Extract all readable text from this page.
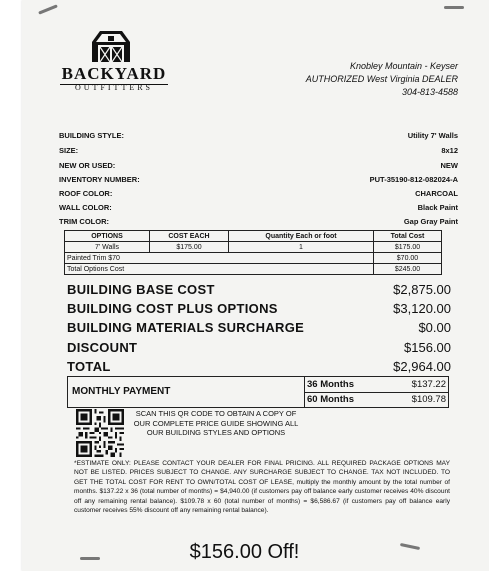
BACKYARD
OUTFITTERS
Knobley Mountain - Keyser
AUTHORIZED West Virginia DEALER
304-813-4588
BUILDING STYLE:	Utility 7' Walls
SIZE:	8x12
NEW OR USED:	NEW
INVENTORY NUMBER:	PUT-35190-812-082024-A
ROOF COLOR:	CHARCOAL
WALL COLOR:	Black Paint
TRIM COLOR:	Gap Gray Paint
OPTIONS	COST EACH	Quantity Each or foot	Total Cost
7' Walls	$175.00	1	$175.00
Painted Trim $70			$70.00
Total Options Cost			$245.00
BUILDING BASE COST	$2,875.00
BUILDING COST PLUS OPTIONS	$3,120.00
BUILDING MATERIALS SURCHARGE	$0.00
DISCOUNT	$156.00
TOTAL	$2,964.00
MONTHLY PAYMENT
36 Months	$137.22
60 Months	$109.78
SCAN THIS QR CODE TO OBTAIN A COPY OF OUR COMPLETE PRICE GUIDE SHOWING ALL OUR BUILDING STYLES AND OPTIONS
*ESTIMATE ONLY: PLEASE CONTACT YOUR DEALER FOR FINAL PRICING. ALL REQUIRED PACKAGE OPTIONS MAY NOT BE LISTED. PRICES SUBJECT TO CHANGE. ANY SURCHARGE SUBJECT TO CHANGE. TAX NOT INCLUDED. TO GET THE TOTAL COST FOR RENT TO OWN/TOTAL COST OF LEASE, multiply the monthly amount by the total number of months. $137.22 x 36 (total number of months) = $4,940.00 (if customers pay off balance early customer receives 40% discount off any remaining rental balance). $109.78 x 60 (total number of months) = $6,586.67 (if customers pay off balance early customer receives 55% discount off any remaining rental balance).
$156.00 Off!
